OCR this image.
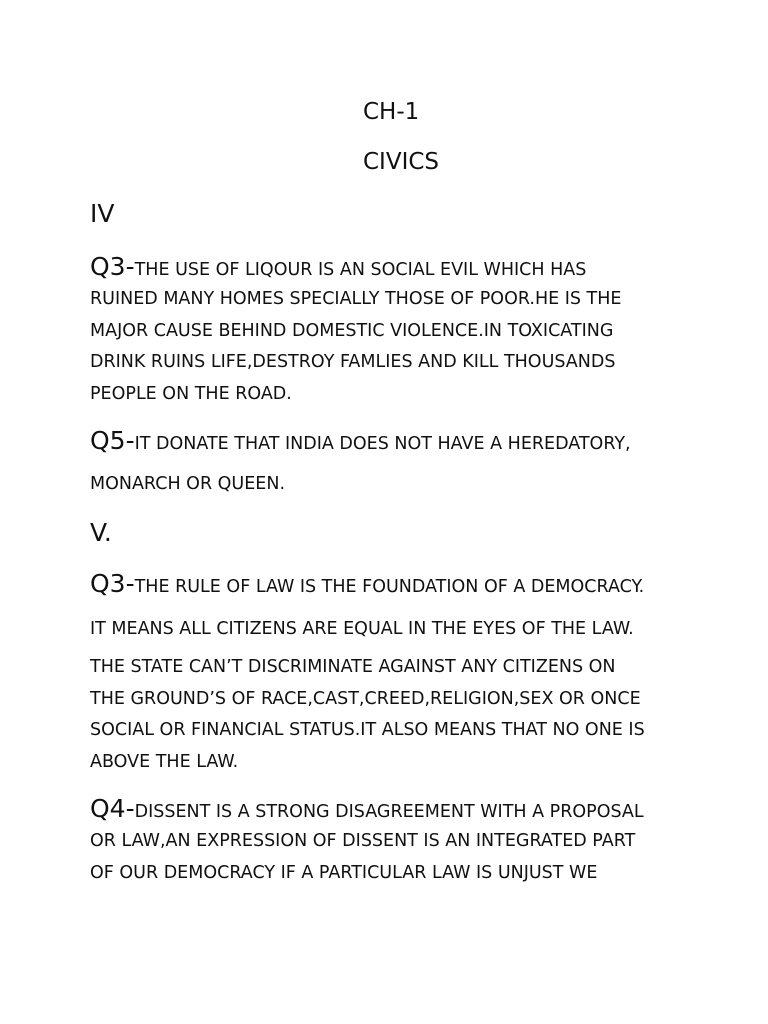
CH-1
CIVICS
IV
Q3-THE USE OF LIQOUR IS AN SOCIAL EVIL WHICH HAS
RUINED MANY HOMES SPECIALLY THOSE OF POOR.HE IS THE
MAJOR CAUSE BEHIND DOMESTIC VIOLENCE.IN TOXICATING
DRINK RUINS LIFE,DESTROY FAMLIES AND KILL THOUSANDS
PEOPLE ON THE ROAD.
Q5-IT DONATE THAT INDIA DOES NOT HAVE A HEREDATORY,
MONARCH OR QUEEN.
V.
Q3-THE RULE OF LAW IS THE FOUNDATION OF A DEMOCRACY.
IT MEANS ALL CITIZENS ARE EQUAL IN THE EYES OF THE LAW.
THE STATE CAN’T DISCRIMINATE AGAINST ANY CITIZENS ON
THE GROUND’S OF RACE,CAST,CREED,RELIGION,SEX OR ONCE
SOCIAL OR FINANCIAL STATUS.IT ALSO MEANS THAT NO ONE IS
ABOVE THE LAW.
Q4-DISSENT IS A STRONG DISAGREEMENT WITH A PROPOSAL
OR LAW,AN EXPRESSION OF DISSENT IS AN INTEGRATED PART
OF OUR DEMOCRACY IF A PARTICULAR LAW IS UNJUST WE
